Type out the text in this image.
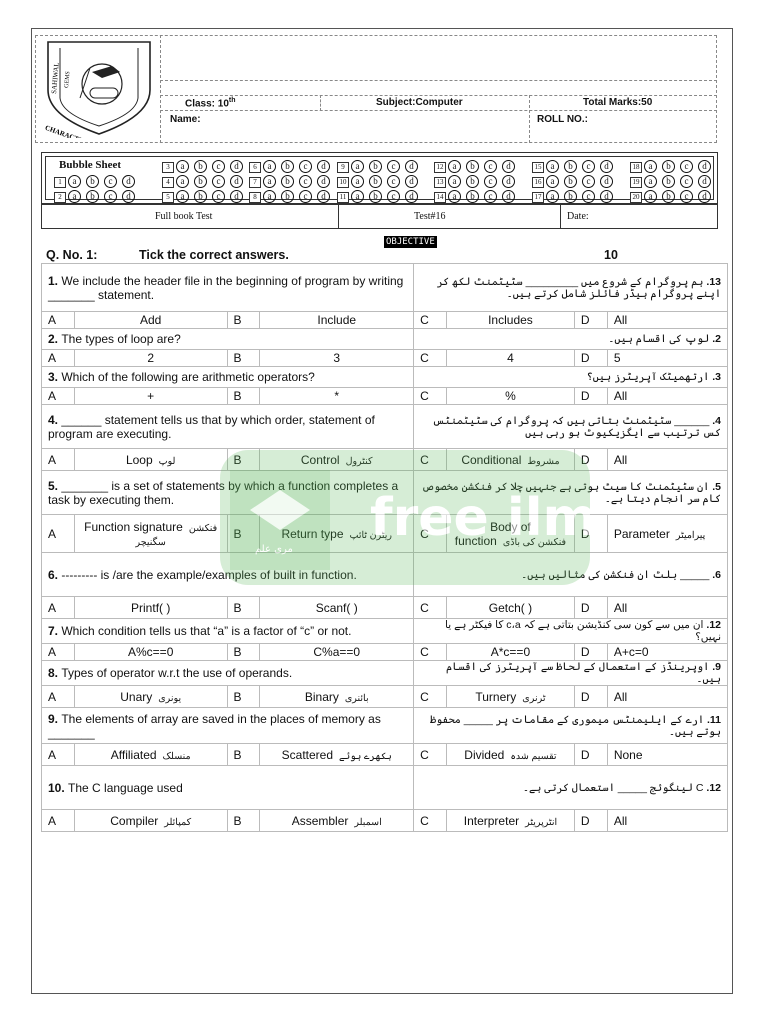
SAHIWAL GEMS
Class: 10th	Subject:Computer	Total Marks:50
Name:	ROLL NO.:
Bubble Sheet	3	a	b	c	d	6	a	b	c	d	9	a	b	c	d	12	a	b	c	d	15	a	b	c	d	18	a	b	c	d
1	a	b	c	d	4	a	b	c	d	7	a	b	c	d	10	a	b	c	d	13	a	b	c	d	16	a	b	c	d	19	a	b	c	d
2	a	b	c	d	5	a	b	c	d	8	a	b	c	d	11	a	b	c	d	14	a	b	c	d	17	a	b	c	d	20	a	b	c	d
Full book Test	Test#16	Date:
OBJECTIVE
Q. No. 1:	Tick the correct answers.	10
1. We include the header file in the beginning of program by writing _______ statement.				13. ہم پروگرام کے شروع میں _________ سٹیٹمنٹ لکھ کر اپنے پروگرام ہیڈر فائلز شامل کرتے ہیں۔			
A	Add	B	Include	C	Includes	D	All
2. The types of loop are?				2. لوپ کی اقسام ہیں۔			
A	2	B	3	C	4	D	5
3. Which of the following are arithmetic operators?				3. ارتھمیٹک آپریٹرز ہیں؟			
A	+	B	*	C	%	D	All
4. ______ statement tells us that by which order, statement of program are executing.				4. ______ سٹیٹمنٹ بتاتی ہیں کہ پروگرام کی سٹیٹمنٹس کس ترتیب سے ایگزیکیوٹ ہو رہی ہیں			
A	Loop لوپ	B	Control کنٹرول	C	Conditional مشروط	D	All
5. _______ is a set of statements by which a function completes a task by executing them.				5. ان سٹیٹمنٹ کا سیٹ ہوتی ہے جنہیں چلا کر فنکشن مخصوص کام سر انجام دیتا ہے۔			
A	Function signature فنکشن سگنیچر	B	Return type ریٹرن ٹائپ	C	Body of function فنکشن کی باڈی	D	Parameter پیرامیٹر
6. --------- is /are the example/examples of built in function.				6. _____ بلٹ ان فنکشن کی مثالیں ہیں۔			
A	Printf( )	B	Scanf( )	C	Getch( )	D	All
7. Which condition tells us that “a” is a factor of “c” or not.				12. ان میں سے کون سی کنڈیشن بتاتی ہے کہ c،a کا فیکٹر ہے یا نہیں؟			
A	A%c==0	B	C%a==0	C	A*c==0	D	A+c=0
8. Types of operator w.r.t the use of operands.				9. اوپرینڈز کے استعمال کے لحاظ سے آپریٹرز کی اقسام ہیں۔			
A	Unary یونری	B	Binary بائنری	C	Turnery ٹرنری	D	All
9. The elements of array are saved in the places of memory as _______				11. ارے کے ایلیمنٹس میموری کے مقامات پر _____ محفوظ ہوتے ہیں۔			
A	Affiliated منسلک	B	Scattered بکھرے ہوئے	C	Divided تقسیم شدہ	D	None
10. The C language used				12. C لینگوئج _____ استعمال کرتی ہے۔			
A	Compiler کمپائلر	B	Assembler اسمبلر	C	Interpreter انٹرپریٹر	D	All
free ilm
مری علم
